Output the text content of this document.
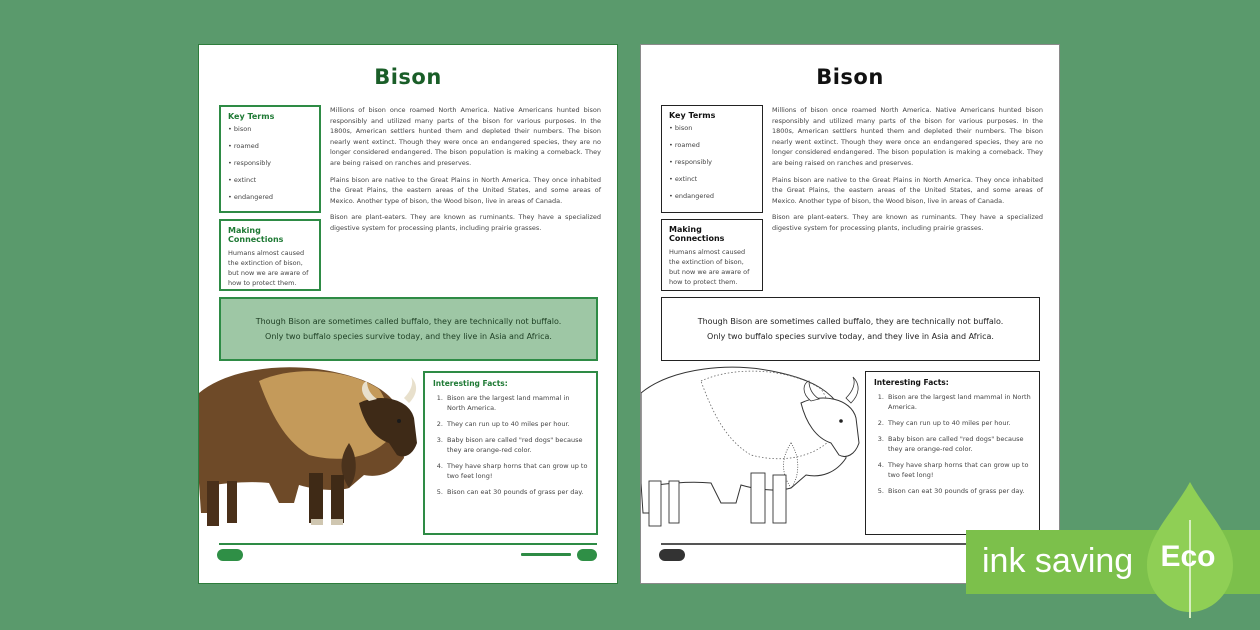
Bison
Key Terms
• bison
• roamed
• responsibly
• extinct
• endangered
Making Connections
Humans almost caused the extinction of bison, but now we are aware of how to protect them.

Millions of bison once roamed North America. Native Americans hunted bison responsibly and utilized many parts of the bison for various purposes. In the 1800s, American settlers hunted them and depleted their numbers. The bison nearly went extinct. Though they were once an endangered species, they are no longer considered endangered. The bison population is making a comeback. They are being raised on ranches and preserves.

Plains bison are native to the Great Plains in North America. They once inhabited the Great Plains, the eastern areas of the United States, and some areas of Mexico. Another type of bison, the Wood bison, live in areas of Canada.

Bison are plant-eaters. They are known as ruminants. They have a specialized digestive system for processing plants, including prairie grasses.

Though Bison are sometimes called buffalo, they are technically not buffalo.
Only two buffalo species survive today, and they live in Asia and Africa.
Interesting Facts:
1. Bison are the largest land mammal in North America.
2. They can run up to 40 miles per hour.
3. Baby bison are called "red dogs" because they are orange-red color.
4. They have sharp horns that can grow up to two feet long!
5. Bison can eat 30 pounds of grass per day.
Bison
Key Terms
• bison
• roamed
• responsibly
• extinct
• endangered
Making Connections
Humans almost caused the extinction of bison, but now we are aware of how to protect them.

Millions of bison once roamed North America. Native Americans hunted bison responsibly and utilized many parts of the bison for various purposes. In the 1800s, American settlers hunted them and depleted their numbers. The bison nearly went extinct. Though they were once an endangered species, they are no longer considered endangered. The bison population is making a comeback. They are being raised on ranches and preserves.

Plains bison are native to the Great Plains in North America. They once inhabited the Great Plains, the eastern areas of the United States, and some areas of Mexico. Another type of bison, the Wood bison, live in areas of Canada.

Bison are plant-eaters. They are known as ruminants. They have a specialized digestive system for processing plants, including prairie grasses.

Though Bison are sometimes called buffalo, they are technically not buffalo.
Only two buffalo species survive today, and they live in Asia and Africa.
Interesting Facts:
1. Bison are the largest land mammal in North America.
2. They can run up to 40 miles per hour.
3. Baby bison are called "red dogs" because they are orange-red color.
4. They have sharp horns that can grow up to two feet long!
5. Bison can eat 30 pounds of grass per day.
ink saving Eco
